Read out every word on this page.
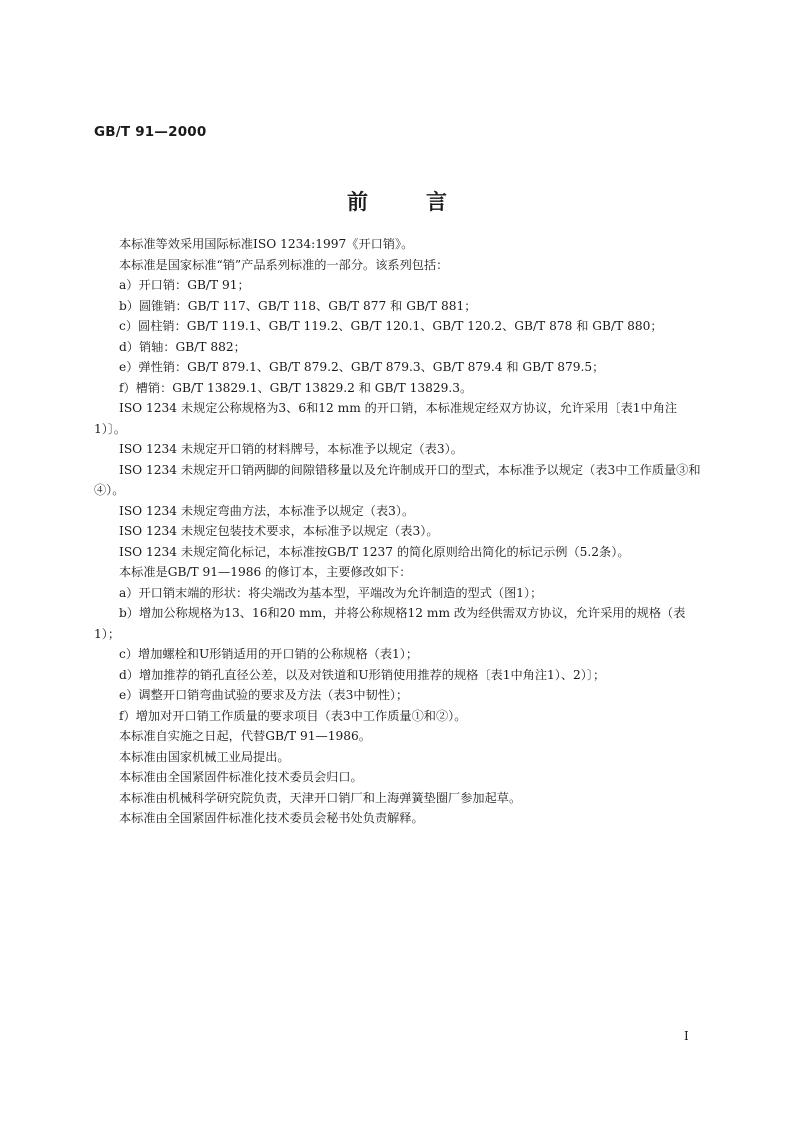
GB/T 91—2000

前	言

本标准等效采用国际标准ISO 1234:1997《开口销》。

本标准是国家标准“销”产品系列标准的一部分。该系列包括：

a）开口销：GB/T 91；

b）圆锥销：GB/T 117、GB/T 118、GB/T 877 和 GB/T 881；

c）圆柱销：GB/T 119.1、GB/T 119.2、GB/T 120.1、GB/T 120.2、GB/T 878 和 GB/T 880；

d）销轴：GB/T 882；

e）弹性销：GB/T 879.1、GB/T 879.2、GB/T 879.3、GB/T 879.4 和 GB/T 879.5；

f）槽销：GB/T 13829.1、GB/T 13829.2 和 GB/T 13829.3。

ISO 1234 未规定公称规格为3、6和12 mm 的开口销，本标准规定经双方协议，允许采用〔表1中角注1）〕。

ISO 1234 未规定开口销的材料牌号，本标准予以规定（表3）。

ISO 1234 未规定开口销两脚的间隙错移量以及允许制成开口的型式，本标准予以规定（表3中工作质量③和④）。

ISO 1234 未规定弯曲方法，本标准予以规定（表3）。

ISO 1234 未规定包装技术要求，本标准予以规定（表3）。

ISO 1234 未规定简化标记，本标准按GB/T 1237 的简化原则给出简化的标记示例（5.2条）。

本标准是GB/T 91—1986 的修订本，主要修改如下：

a）开口销末端的形状：将尖端改为基本型，平端改为允许制造的型式（图1）；

b）增加公称规格为13、16和20 mm，并将公称规格12 mm 改为经供需双方协议，允许采用的规格（表1）；

c）增加螺栓和U形销适用的开口销的公称规格（表1）；

d）增加推荐的销孔直径公差，以及对铁道和U形销使用推荐的规格〔表1中角注1）、2）〕；

e）调整开口销弯曲试验的要求及方法（表3中韧性）；

f）增加对开口销工作质量的要求项目（表3中工作质量①和②）。

本标准自实施之日起，代替GB/T 91—1986。

本标准由国家机械工业局提出。

本标准由全国紧固件标准化技术委员会归口。

本标准由机械科学研究院负责，天津开口销厂和上海弹簧垫圈厂参加起草。

本标准由全国紧固件标准化技术委员会秘书处负责解释。

I
